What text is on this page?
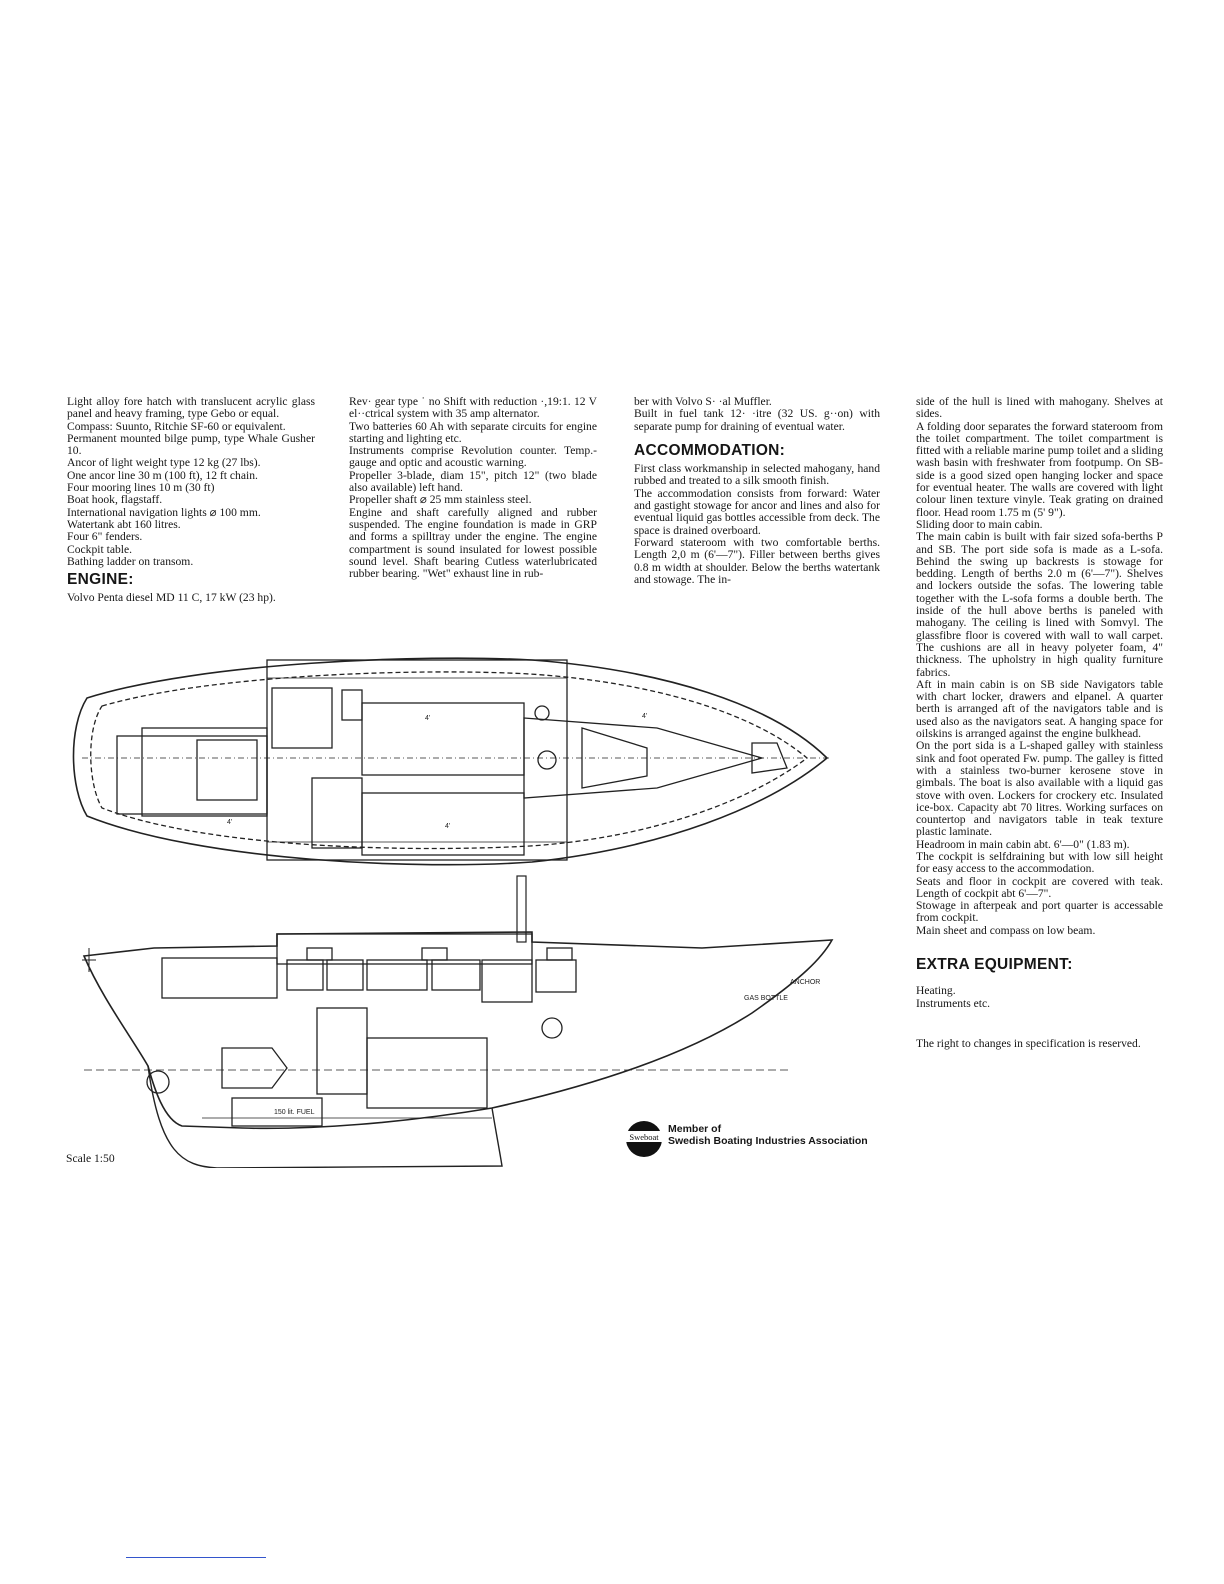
Light alloy fore hatch with translucent acrylic glass panel and heavy framing, type Gebo or equal.

Compass: Suunto, Ritchie SF-60 or equivalent.

Permanent mounted bilge pump, type Whale Gusher 10.

Ancor of light weight type 12 kg (27 lbs).

One ancor line 30 m (100 ft), 12 ft chain.

Four mooring lines 10 m (30 ft)

Boat hook, flagstaff.

International navigation lights ⌀ 100 mm.

Watertank abt 160 litres.

Four 6" fenders.

Cockpit table.

Bathing ladder on transom.

ENGINE:

Volvo Penta diesel MD 11 C, 17 kW (23 hp).

Rev· gear type ˙ no Shift with reduction ·,19:1. 12 V el··ctrical system with 35 amp alternator.

Two batteries 60 Ah with separate circuits for engine starting and lighting etc.

Instruments comprise Revolution counter. Temp.-gauge and optic and acoustic warning.

Propeller 3-blade, diam 15", pitch 12" (two blade also available) left hand.

Propeller shaft ⌀ 25 mm stainless steel.

Engine and shaft carefully aligned and rubber suspended. The engine foundation is made in GRP and forms a spilltray under the engine. The engine compartment is sound insulated for lowest possible sound level. Shaft bearing Cutless waterlubricated rubber bearing. "Wet" exhaust line in rub-

ber with Volvo S· ·al Muffler.

Built in fuel tank 12· ·itre (32 US. g··on) with separate pump for draining of eventual water.

ACCOMMODATION:

First class workmanship in selected mahogany, hand rubbed and treated to a silk smooth finish.

The accommodation consists from forward: Water and gastight stowage for ancor and lines and also for eventual liquid gas bottles accessible from deck. The space is drained overboard.

Forward stateroom with two comfortable berths. Length 2,0 m (6'—7"). Filler between berths gives 0.8 m width at shoulder. Below the berths watertank and stowage. The in-

side of the hull is lined with mahogany. Shelves at sides.

A folding door separates the forward stateroom from the toilet compartment. The toilet compartment is fitted with a reliable marine pump toilet and a sliding wash basin with freshwater from footpump. On SB-side is a good sized open hanging locker and space for eventual heater. The walls are covered with light colour linen texture vinyle. Teak grating on drained floor. Head room 1.75 m (5' 9").

Sliding door to main cabin.

The main cabin is built with fair sized sofa-berths P and SB. The port side sofa is made as a L-sofa. Behind the swing up backrests is stowage for bedding. Length of berths 2.0 m (6'—7"). Shelves and lockers outside the sofas. The lowering table together with the L-sofa forms a double berth. The inside of the hull above berths is paneled with mahogany. The ceiling is lined with Somvyl. The glassfibre floor is covered with wall to wall carpet. The cushions are all in heavy polyeter foam, 4" thickness. The upholstry in high quality furniture fabrics.

Aft in main cabin is on SB side Navigators table with chart locker, drawers and elpanel. A quarter berth is arranged aft of the navigators table and is used also as the navigators seat. A hanging space for oilskins is arranged against the engine bulkhead.

On the port sida is a L-shaped galley with stainless sink and foot operated Fw. pump. The galley is fitted with a stainless two-burner kerosene stove in gimbals. The boat is also available with a liquid gas stove with oven. Lockers for crockery etc. Insulated ice-box. Capacity abt 70 litres. Working surfaces on countertop and navigators table in teak texture plastic laminate.

Headroom in main cabin abt. 6'—0" (1.83 m).

The cockpit is selfdraining but with low sill height for easy access to the accommodation.

Seats and floor in cockpit are covered with teak. Length of cockpit abt 6'—7".

Stowage in afterpeak and port quarter is accessable from cockpit.

Main sheet and compass on low beam.

EXTRA EQUIPMENT:

Heating.

Instruments etc.

The right to changes in specification is reserved.

4'
4'
4'
4'
150 lit. FUEL
GAS BOTTLE
ANCHOR
Scale 1:50
Sweboat
Member of
Swedish Boating Industries Association
